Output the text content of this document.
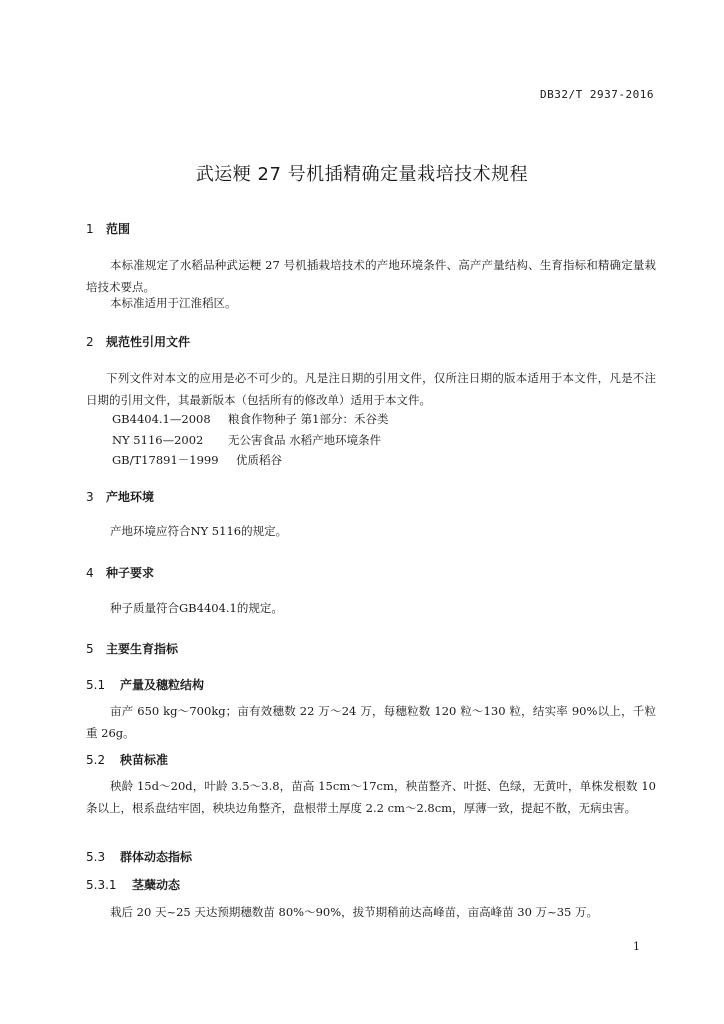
DB32/T 2937-2016
武运粳 27 号机插精确定量栽培技术规程
1 范围
本标准规定了水稻品种武运粳 27 号机插栽培技术的产地环境条件、高产产量结构、生育指标和精确定量栽培技术要点。
本标准适用于江淮稻区。
2 规范性引用文件
下列文件对本文的应用是必不可少的。凡是注日期的引用文件，仅所注日期的版本适用于本文件，凡是不注日期的引用文件，其最新版本（包括所有的修改单）适用于本文件。
GB4404.1—2008 粮食作物种子 第1部分：禾谷类
NY 5116—2002 无公害食品 水稻产地环境条件
GB/T17891－1999 优质稻谷
3 产地环境
产地环境应符合NY 5116的规定。
4 种子要求
种子质量符合GB4404.1的规定。
5 主要生育指标
5.1 产量及穗粒结构
亩产 650 kg～700kg；亩有效穗数 22 万～24 万，每穗粒数 120 粒～130 粒，结实率 90%以上，千粒重 26g。
5.2 秧苗标准
秧龄 15d～20d，叶龄 3.5～3.8，苗高 15cm～17cm，秧苗整齐、叶挺、色绿，无黄叶，单株发根数 10 条以上，根系盘结牢固，秧块边角整齐，盘根带土厚度 2.2 cm～2.8cm，厚薄一致，提起不散，无病虫害。
5.3 群体动态指标
5.3.1 茎蘖动态
栽后 20 天~25 天达预期穗数苗 80%～90%，拔节期稍前达高峰苗，亩高峰苗 30 万~35 万。
1
